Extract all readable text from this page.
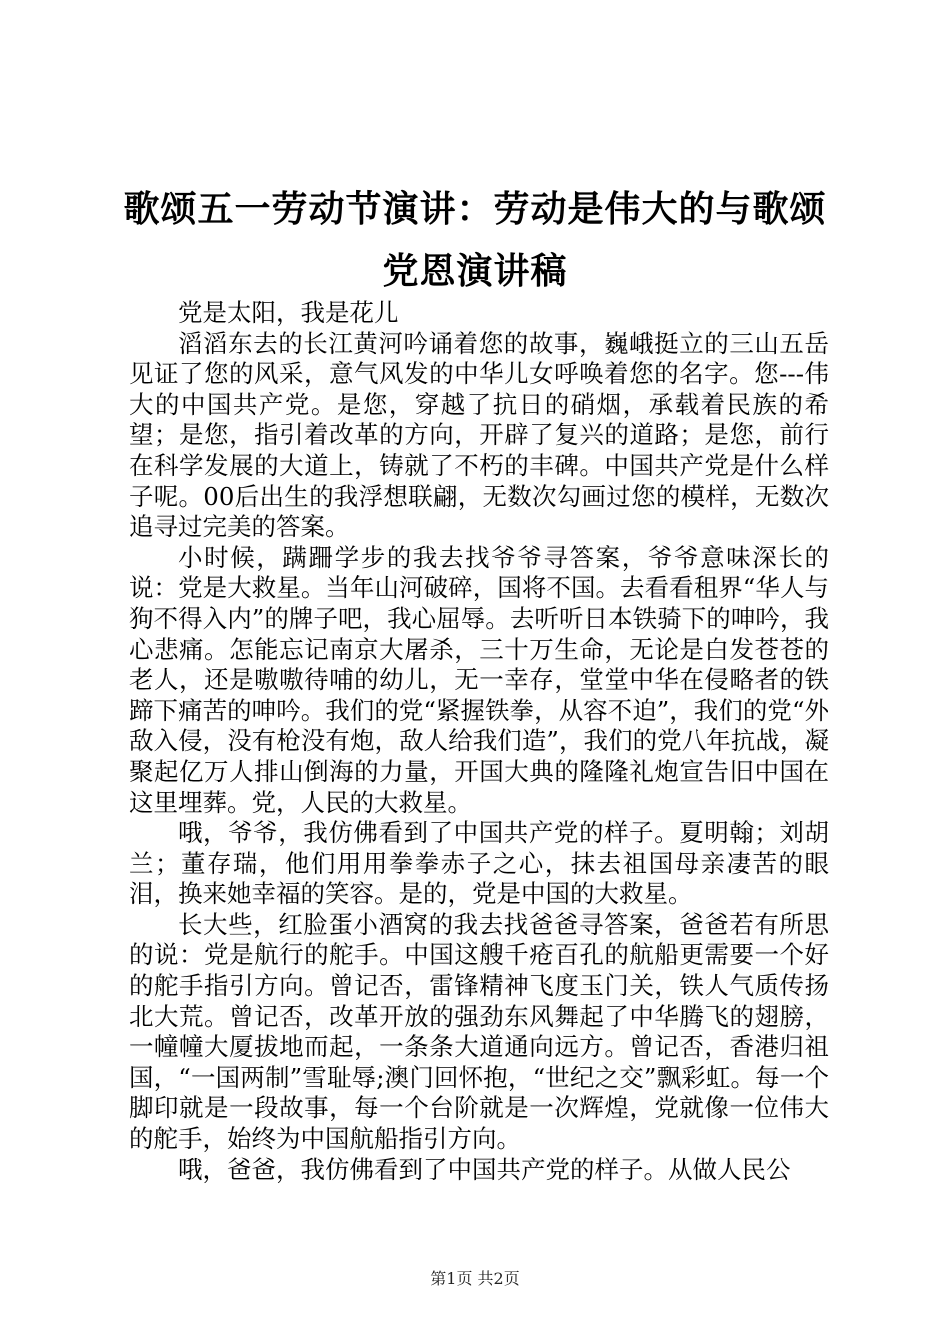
歌颂五一劳动节演讲：劳动是伟大的与歌颂党恩演讲稿

党是太阳，我是花儿

滔滔东去的长江黄河吟诵着您的故事，巍峨挺立的三山五岳见证了您的风采，意气风发的中华儿女呼唤着您的名字。您---伟大的中国共产党。是您，穿越了抗日的硝烟，承载着民族的希望；是您，指引着改革的方向，开辟了复兴的道路；是您，前行在科学发展的大道上，铸就了不朽的丰碑。中国共产党是什么样子呢。00后出生的我浮想联翩，无数次勾画过您的模样，无数次追寻过完美的答案。

小时候，蹒跚学步的我去找爷爷寻答案，爷爷意味深长的说：党是大救星。当年山河破碎，国将不国。去看看租界“华人与狗不得入内”的牌子吧，我心屈辱。去听听日本铁骑下的呻吟，我心悲痛。怎能忘记南京大屠杀，三十万生命，无论是白发苍苍的老人，还是嗷嗷待哺的幼儿，无一幸存，堂堂中华在侵略者的铁蹄下痛苦的呻吟。我们的党“紧握铁拳，从容不迫”，我们的党“外敌入侵，没有枪没有炮，敌人给我们造”，我们的党八年抗战，凝聚起亿万人排山倒海的力量，开国大典的隆隆礼炮宣告旧中国在这里埋葬。党，人民的大救星。

哦，爷爷，我仿佛看到了中国共产党的样子。夏明翰；刘胡兰；董存瑞，他们用用拳拳赤子之心，抹去祖国母亲凄苦的眼泪，换来她幸福的笑容。是的，党是中国的大救星。

长大些，红脸蛋小酒窝的我去找爸爸寻答案，爸爸若有所思的说：党是航行的舵手。中国这艘千疮百孔的航船更需要一个好的舵手指引方向。曾记否，雷锋精神飞度玉门关，铁人气质传扬北大荒。曾记否，改革开放的强劲东风舞起了中华腾飞的翅膀，一幢幢大厦拔地而起，一条条大道通向远方。曾记否，香港归祖国，“一国两制”雪耻辱;澳门回怀抱，“世纪之交”飘彩虹。每一个脚印就是一段故事，每一个台阶就是一次辉煌，党就像一位伟大的舵手，始终为中国航船指引方向。

哦，爸爸，我仿佛看到了中国共产党的样子。从做人民公

第1页 共2页
